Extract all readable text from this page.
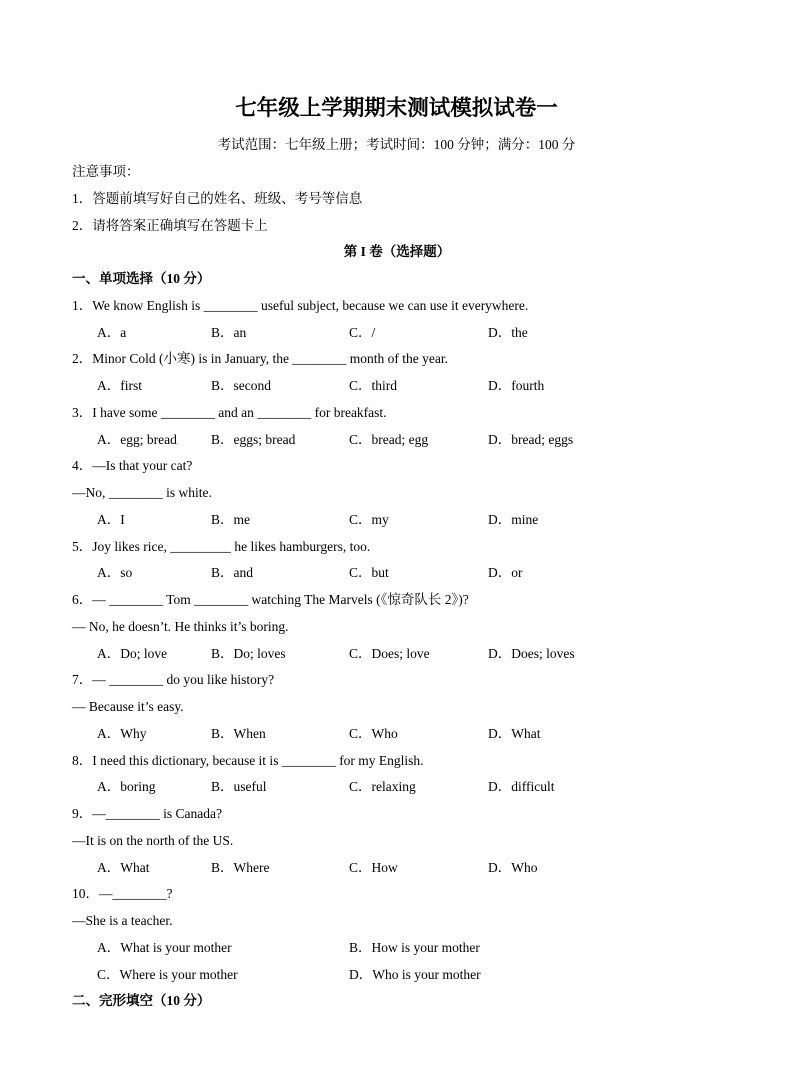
七年级上学期期末测试模拟试卷一
考试范围：七年级上册；考试时间：100 分钟；满分：100 分
注意事项：
1．答题前填写好自己的姓名、班级、考号等信息
2．请将答案正确填写在答题卡上
第 I 卷（选择题）
一、单项选择（10 分）
1．We know English is ________ useful subject, because we can use it everywhere.
A．a	B．an	C．/	D．the
2．Minor Cold (小寒) is in January, the ________ month of the year.
A．first	B．second	C．third	D．fourth
3．I have some ________ and an ________ for breakfast.
A．egg; bread	B．eggs; bread	C．bread; egg	D．bread; eggs
4．—Is that your cat?
—No, ________ is white.
A．I	B．me	C．my	D．mine
5．Joy likes rice, _________ he likes hamburgers, too.
A．so	B．and	C．but	D．or
6．— ________ Tom ________ watching The Marvels (《惊奇队长 2》)?
— No, he doesn’t. He thinks it’s boring.
A．Do; love	B．Do; loves	C．Does; love	D．Does; loves
7．— ________ do you like history?
— Because it’s easy.
A．Why	B．When	C．Who	D．What
8．I need this dictionary, because it is ________ for my English.
A．boring	B．useful	C．relaxing	D．difficult
9．—________ is Canada?
—It is on the north of the US.
A．What	B．Where	C．How	D．Who
10．—________?
—She is a teacher.
A．What is your mother	B．How is your mother
C．Where is your mother	D．Who is your mother
二、完形填空（10 分）
